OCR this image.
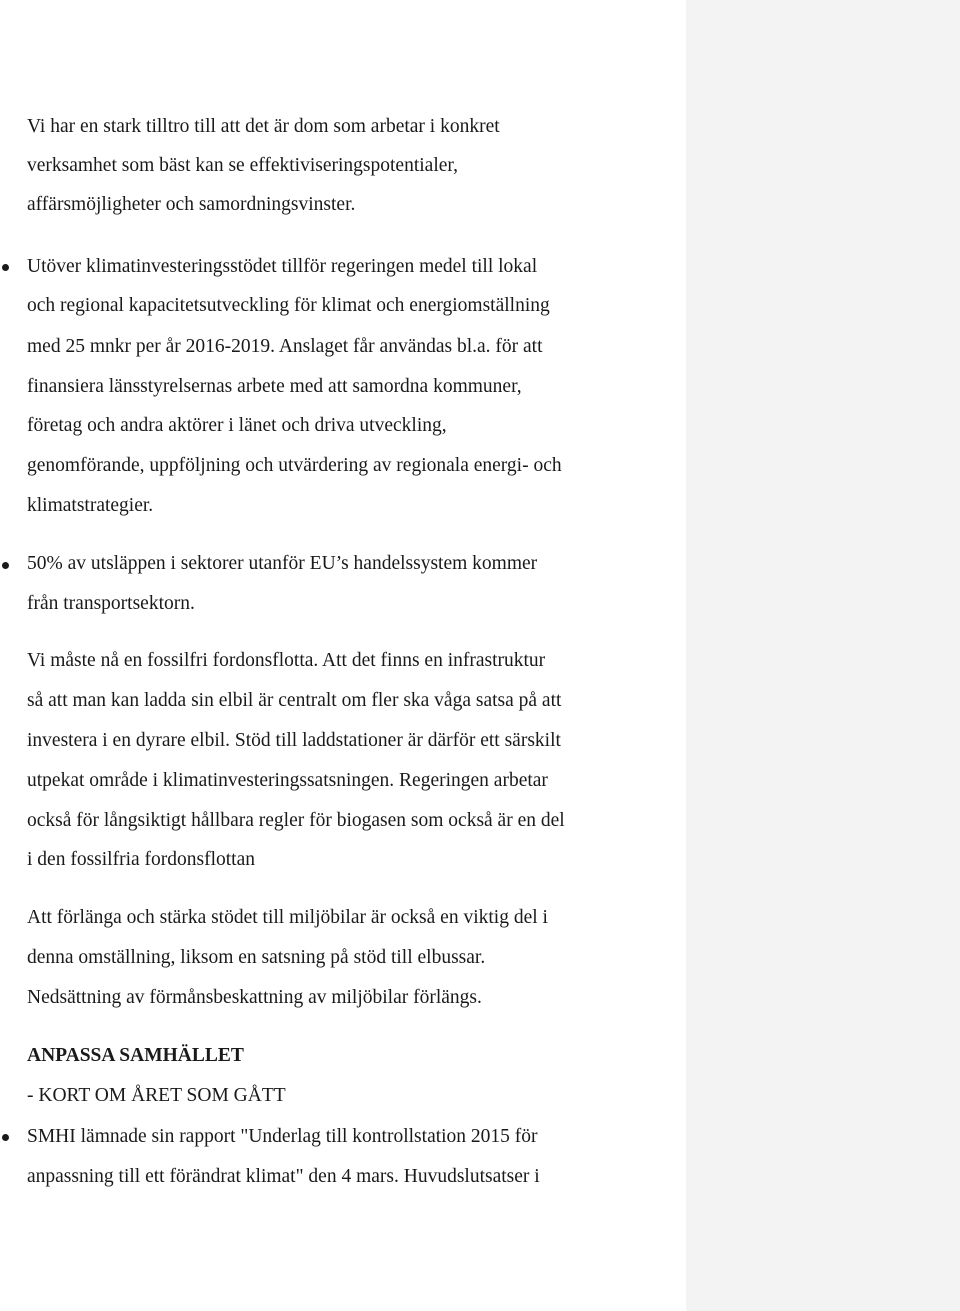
Vi har en stark tilltro till att det är dom som arbetar i konkret
verksamhet som bäst kan se effektiviseringspotentialer,
affärsmöjligheter och samordningsvinster.
Utöver klimatinvesteringsstödet tillför regeringen medel till lokal
och regional kapacitetsutveckling för klimat och energiomställning
med 25 mnkr per år 2016-2019. Anslaget får användas bl.a. för att
finansiera länsstyrelsernas arbete med att samordna kommuner,
företag och andra aktörer i länet och driva utveckling,
genomförande, uppföljning och utvärdering av regionala energi- och
klimatstrategier.
50% av utsläppen i sektorer utanför EU’s handelssystem kommer
från transportsektorn.
Vi måste nå en fossilfri fordonsflotta. Att det finns en infrastruktur
så att man kan ladda sin elbil är centralt om fler ska våga satsa på att
investera i en dyrare elbil. Stöd till laddstationer är därför ett särskilt
utpekat område i klimatinvesteringssatsningen. Regeringen arbetar
också för långsiktigt hållbara regler för biogasen som också är en del
i den fossilfria fordonsflottan
Att förlänga och stärka stödet till miljöbilar är också en viktig del i
denna omställning, liksom en satsning på stöd till elbussar.
Nedsättning av förmånsbeskattning av miljöbilar förlängs.
ANPASSA SAMHÄLLET
- KORT OM ÅRET SOM GÅTT
SMHI lämnade sin rapport "Underlag till kontrollstation 2015 för
anpassning till ett förändrat klimat" den 4 mars. Huvudslutsatser i
